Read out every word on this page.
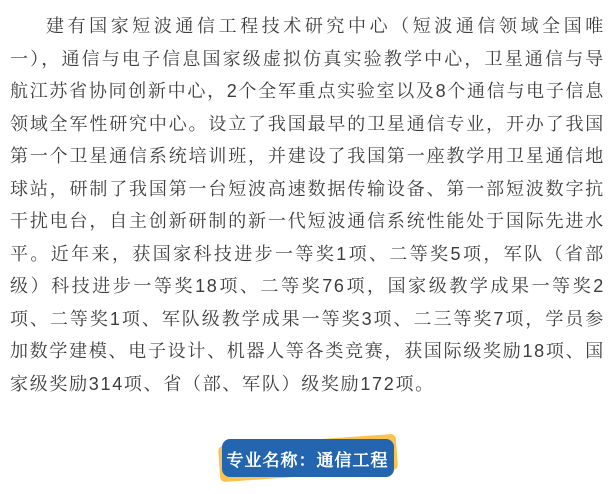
建有国家短波通信工程技术研究中心（短波通信领域全国唯一），通信与电子信息国家级虚拟仿真实验教学中心，卫星通信与导航江苏省协同创新中心，2个全军重点实验室以及8个通信与电子信息领域全军性研究中心。设立了我国最早的卫星通信专业，开办了我国第一个卫星通信系统培训班，并建设了我国第一座教学用卫星通信地球站，研制了我国第一台短波高速数据传输设备、第一部短波数字抗干扰电台，自主创新研制的新一代短波通信系统性能处于国际先进水平。近年来，获国家科技进步一等奖1项、二等奖5项，军队（省部级）科技进步一等奖18项、二等奖76项，国家级教学成果一等奖2项、二等奖1项、军队级教学成果一等奖3项、二三等奖7项，学员参加数学建模、电子设计、机器人等各类竞赛，获国际级奖励18项、国家级奖励314项、省（部、军队）级奖励172项。

专业名称：通信工程
